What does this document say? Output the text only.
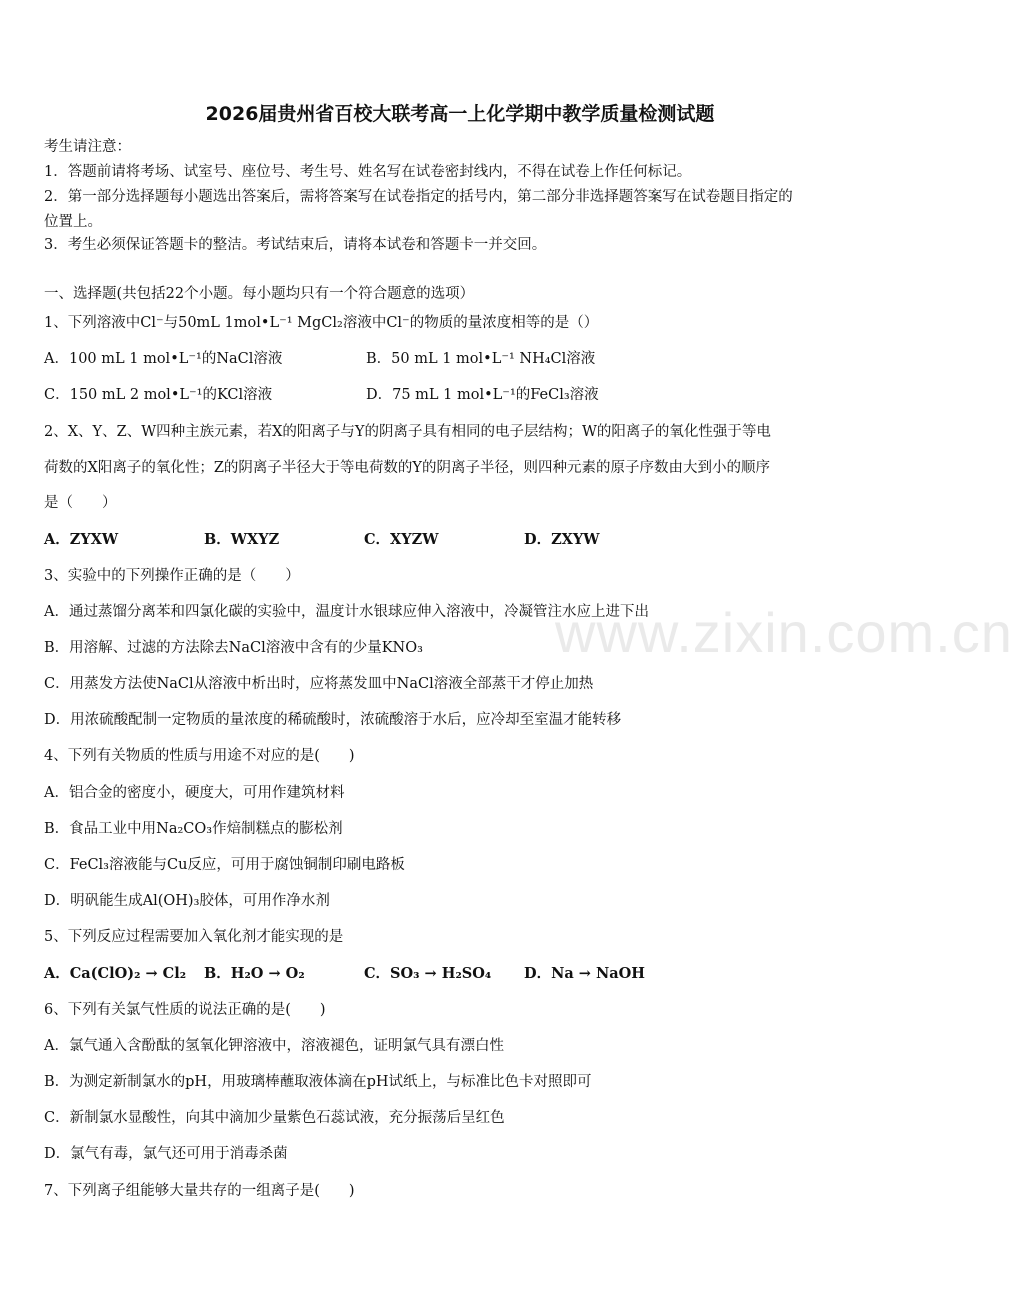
2026届贵州省百校大联考高一上化学期中教学质量检测试题
考生请注意：
1．答题前请将考场、试室号、座位号、考生号、姓名写在试卷密封线内，不得在试卷上作任何标记。
2．第一部分选择题每小题选出答案后，需将答案写在试卷指定的括号内，第二部分非选择题答案写在试卷题目指定的
位置上。
3．考生必须保证答题卡的整洁。考试结束后，请将本试卷和答题卡一并交回。
一、选择题(共包括22个小题。每小题均只有一个符合题意的选项）
1、下列溶液中Cl⁻与50mL 1mol•L⁻¹ MgCl₂溶液中Cl⁻的物质的量浓度相等的是（）
A．100 mL 1 mol•L⁻¹的NaCl溶液	B．50 mL 1 mol•L⁻¹ NH₄Cl溶液
C．150 mL 2 mol•L⁻¹的KCl溶液	D．75 mL 1 mol•L⁻¹的FeCl₃溶液
2、X、Y、Z、W四种主族元素，若X的阳离子与Y的阴离子具有相同的电子层结构；W的阳离子的氧化性强于等电
荷数的X阳离子的氧化性；Z的阴离子半径大于等电荷数的Y的阴离子半径，则四种元素的原子序数由大到小的顺序
是（　　）
A．ZYXW	B．WXYZ	C．XYZW	D．ZXYW
3、实验中的下列操作正确的是（　　）
A．通过蒸馏分离苯和四氯化碳的实验中，温度计水银球应伸入溶液中，冷凝管注水应上进下出
B．用溶解、过滤的方法除去NaCl溶液中含有的少量KNO₃
C．用蒸发方法使NaCl从溶液中析出时，应将蒸发皿中NaCl溶液全部蒸干才停止加热
D．用浓硫酸配制一定物质的量浓度的稀硫酸时，浓硫酸溶于水后，应冷却至室温才能转移
4、下列有关物质的性质与用途不对应的是(　　)
A．铝合金的密度小，硬度大，可用作建筑材料
B．食品工业中用Na₂CO₃作焙制糕点的膨松剂
C．FeCl₃溶液能与Cu反应，可用于腐蚀铜制印刷电路板
D．明矾能生成Al(OH)₃胶体，可用作净水剂
5、下列反应过程需要加入氧化剂才能实现的是
A．Ca(ClO)₂ → Cl₂ B．H₂O → O₂	C．SO₃ → H₂SO₄ D．Na → NaOH
6、下列有关氯气性质的说法正确的是(　　)
A．氯气通入含酚酞的氢氧化钾溶液中，溶液褪色，证明氯气具有漂白性
B．为测定新制氯水的pH，用玻璃棒蘸取液体滴在pH试纸上，与标准比色卡对照即可
C．新制氯水显酸性，向其中滴加少量紫色石蕊试液，充分振荡后呈红色
D．氯气有毒，氯气还可用于消毒杀菌
7、下列离子组能够大量共存的一组离子是(　　)
www.zixin.com.cn
